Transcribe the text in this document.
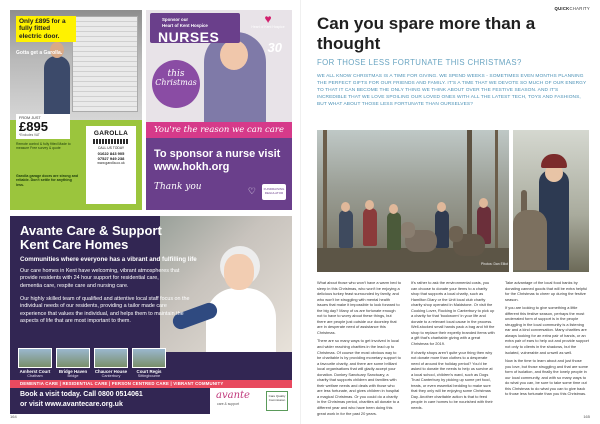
Only £895 for a fully fitted electric door.
Gotta get a Garolla.
FROM JUST
£895
*Excludes VAT
Remote control & fully fitted Made to measure Free survey & quote
Garolla garage doors are strong and reliable. Don't settle for anything less.
GAROLLA
CALL US TODAY
01622 843 905
07527 949 238
www.garolla.co.uk
Sponsor our
Heart of Kent Hospice
NURSES
♥
Heart of Kent Hospice
30
this
Christmas
You're the reason we can care
To sponsor a nurse visit
www.hokh.org
Thank you	♡	FUNDRAISING REGULATOR
Avante Care & Support
Kent Care Homes
Communities where everyone has a vibrant and fulfilling life
Our care homes in Kent have welcoming, vibrant atmospheres that provide residents with 24 hour support for residential care, dementia care, respite care and nursing care.
Our highly skilled team of qualified and attentive local staff focus on the individual needs of our residents, providing a tailor made care experience that values the individual, and helps them to maintain the aspects of life that are most important to them.
Amherst Court
Chatham
Bridge Haven
Bridge
Chaucer House
Canterbury
Court Regis
Sittingbourne
DEMENTIA CARE | RESIDENTIAL CARE | PERSON CENTRED CARE | VIBRANT COMMUNITY
Book a visit today. Call 0800 0514061
or visit www.avantecare.org.uk
avante
care & support
Care Quality Commission
164
QUICKCHARITY
Can you spare more than a thought
FOR THOSE LESS FORTUNATE THIS CHRISTMAS?
WE ALL KNOW CHRISTMAS IS A TIME FOR GIVING. WE SPEND WEEKS - SOMETIMES EVEN MONTHS PLANNING THE PERFECT GIFTS FOR OUR FRIENDS AND FAMILY. IT'S A TIME THAT WE DEVOTE SO MUCH OF OUR ENERGY TO THAT IT CAN BECOME THE ONLY THING WE THINK ABOUT OVER THE FESTIVE SEASON. AND IT'S INCREDIBLE THAT WE LOVE SPOILING OUR LOVED ONES WITH ALL THE LATEST TECH, TOYS AND FASHIONS, BUT WHAT ABOUT THOSE LESS FORTUNATE THAN OURSELVES?
Photos: Dan Elliot

What about those who won't have a warm bed to sleep in this Christmas, who won't be enjoying a delicious turkey feast surrounded by family, and who won't be struggling with mental health issues that make it impossible to look forward to the big day? Many of us are fortunate enough not to have to worry about these things, but there are people just outside our doorstep that are in desperate need of assistance this Christmas.

There are so many ways to get involved in local and wider reaching charities in the lead up to Christmas. Of course the most obvious way to be charitable is by providing monetary support to a favourite charity, and there are some brilliant local organisations that will gladly accept your donation. Donkey Sanctuary Sanctuary, a charity that supports children and families with their welfare needs and deals with those who are less fortunate, and gives children in hospital a magical Christmas. Or you could do a charity in the Christmas period, charities all donate to a different year and who have been doing this great work in for the past 20 years.

It's rather to ask the environmental costs, you can choose to donate your items to a charity shop that supports a local charity, such as Hamilton Diary or the Unit local club charity charity shop operated in Maidstone. Or visit the Cooking Lover, Rocking in Canterbury to pick up a charity for that 'bookworm' in your life and donate to a relevant local cause in the process. Well-stocked small hands pack a bag and hit the shop to replace their expertly branded items with a gift that's charitable giving with a great Christmas for 2019.

If charity shops aren't quite your thing then why not donate more than clothes to a desperate need of around the holiday period? You'd be asked to donate the needs to help us survive at a local school, children's ward, such as Dogs Trust Canterbury by picking up some pet food, treats, or even essential bedding to make sure that they only will be enjoying some Christmas Day. Another charitable action is that to feed people in care homes to be nourished with their needs.

Take advantage of the local food banks by donating canned goods that will be extra helpful for the Christmas to cheer up during the festive season.

If you are looking to give something a little different this festive season, perhaps the most underrated form of support is in the people struggling in the local community is a listening ear and a kind conversation. Many charities are always looking for an extra pair of hands, or an extra pair of ears to help out and provide support not only to clients in the shadows, but the isolated, vulnerable and unwell as well.

Now is the time to learn about and just those you love, but those struggling and that are some form of isolation, and finally the lonely people in our local community, and with so many ways to do what you can, be sure to take some time out this Christmas to do what you can to give back to those less fortunate than you this Christmas.

165
